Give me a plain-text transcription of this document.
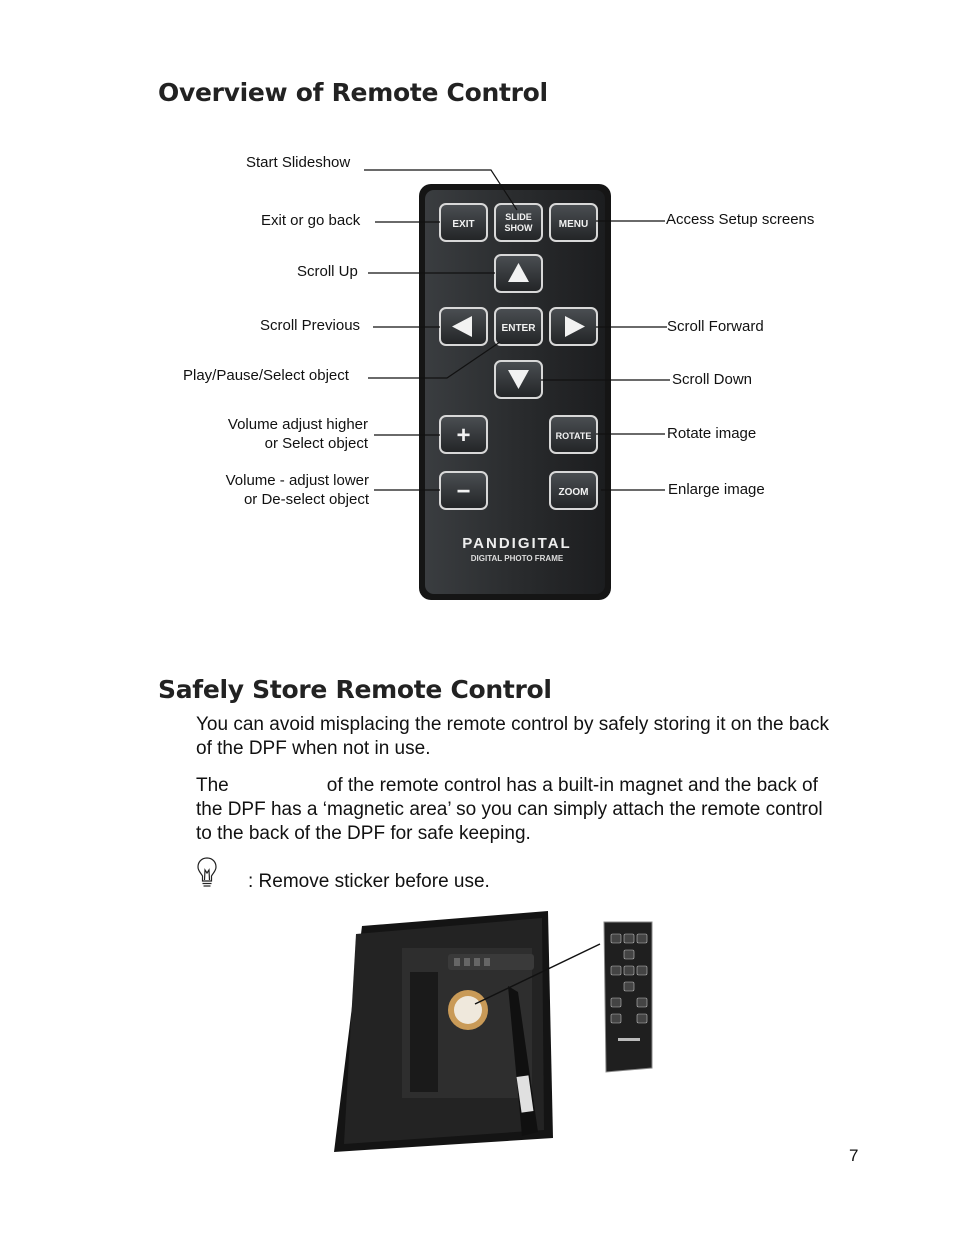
Overview of Remote Control
EXIT
SLIDE
SHOW	MENU
ENTER
+	ROTATE
−	ZOOM
PANDIGITAL
DIGITAL PHOTO FRAME
Start Slideshow
Exit or go back
Scroll Up
Scroll Previous
Play/Pause/Select object
Volume adjust higher
or Select object
Volume - adjust lower
or De-select object
Access Setup screens
Scroll Forward
Scroll Down
Rotate image
Enlarge image
Safely Store Remote Control

You can avoid misplacing the remote control by safely storing it on the back of the DPF when not in use.

The	of the remote control has a built-in magnet and the back of the DPF has a ‘magnetic area’ so you can simply attach the remote control to the back of the DPF for safe keeping.

: Remove sticker before use.
7
